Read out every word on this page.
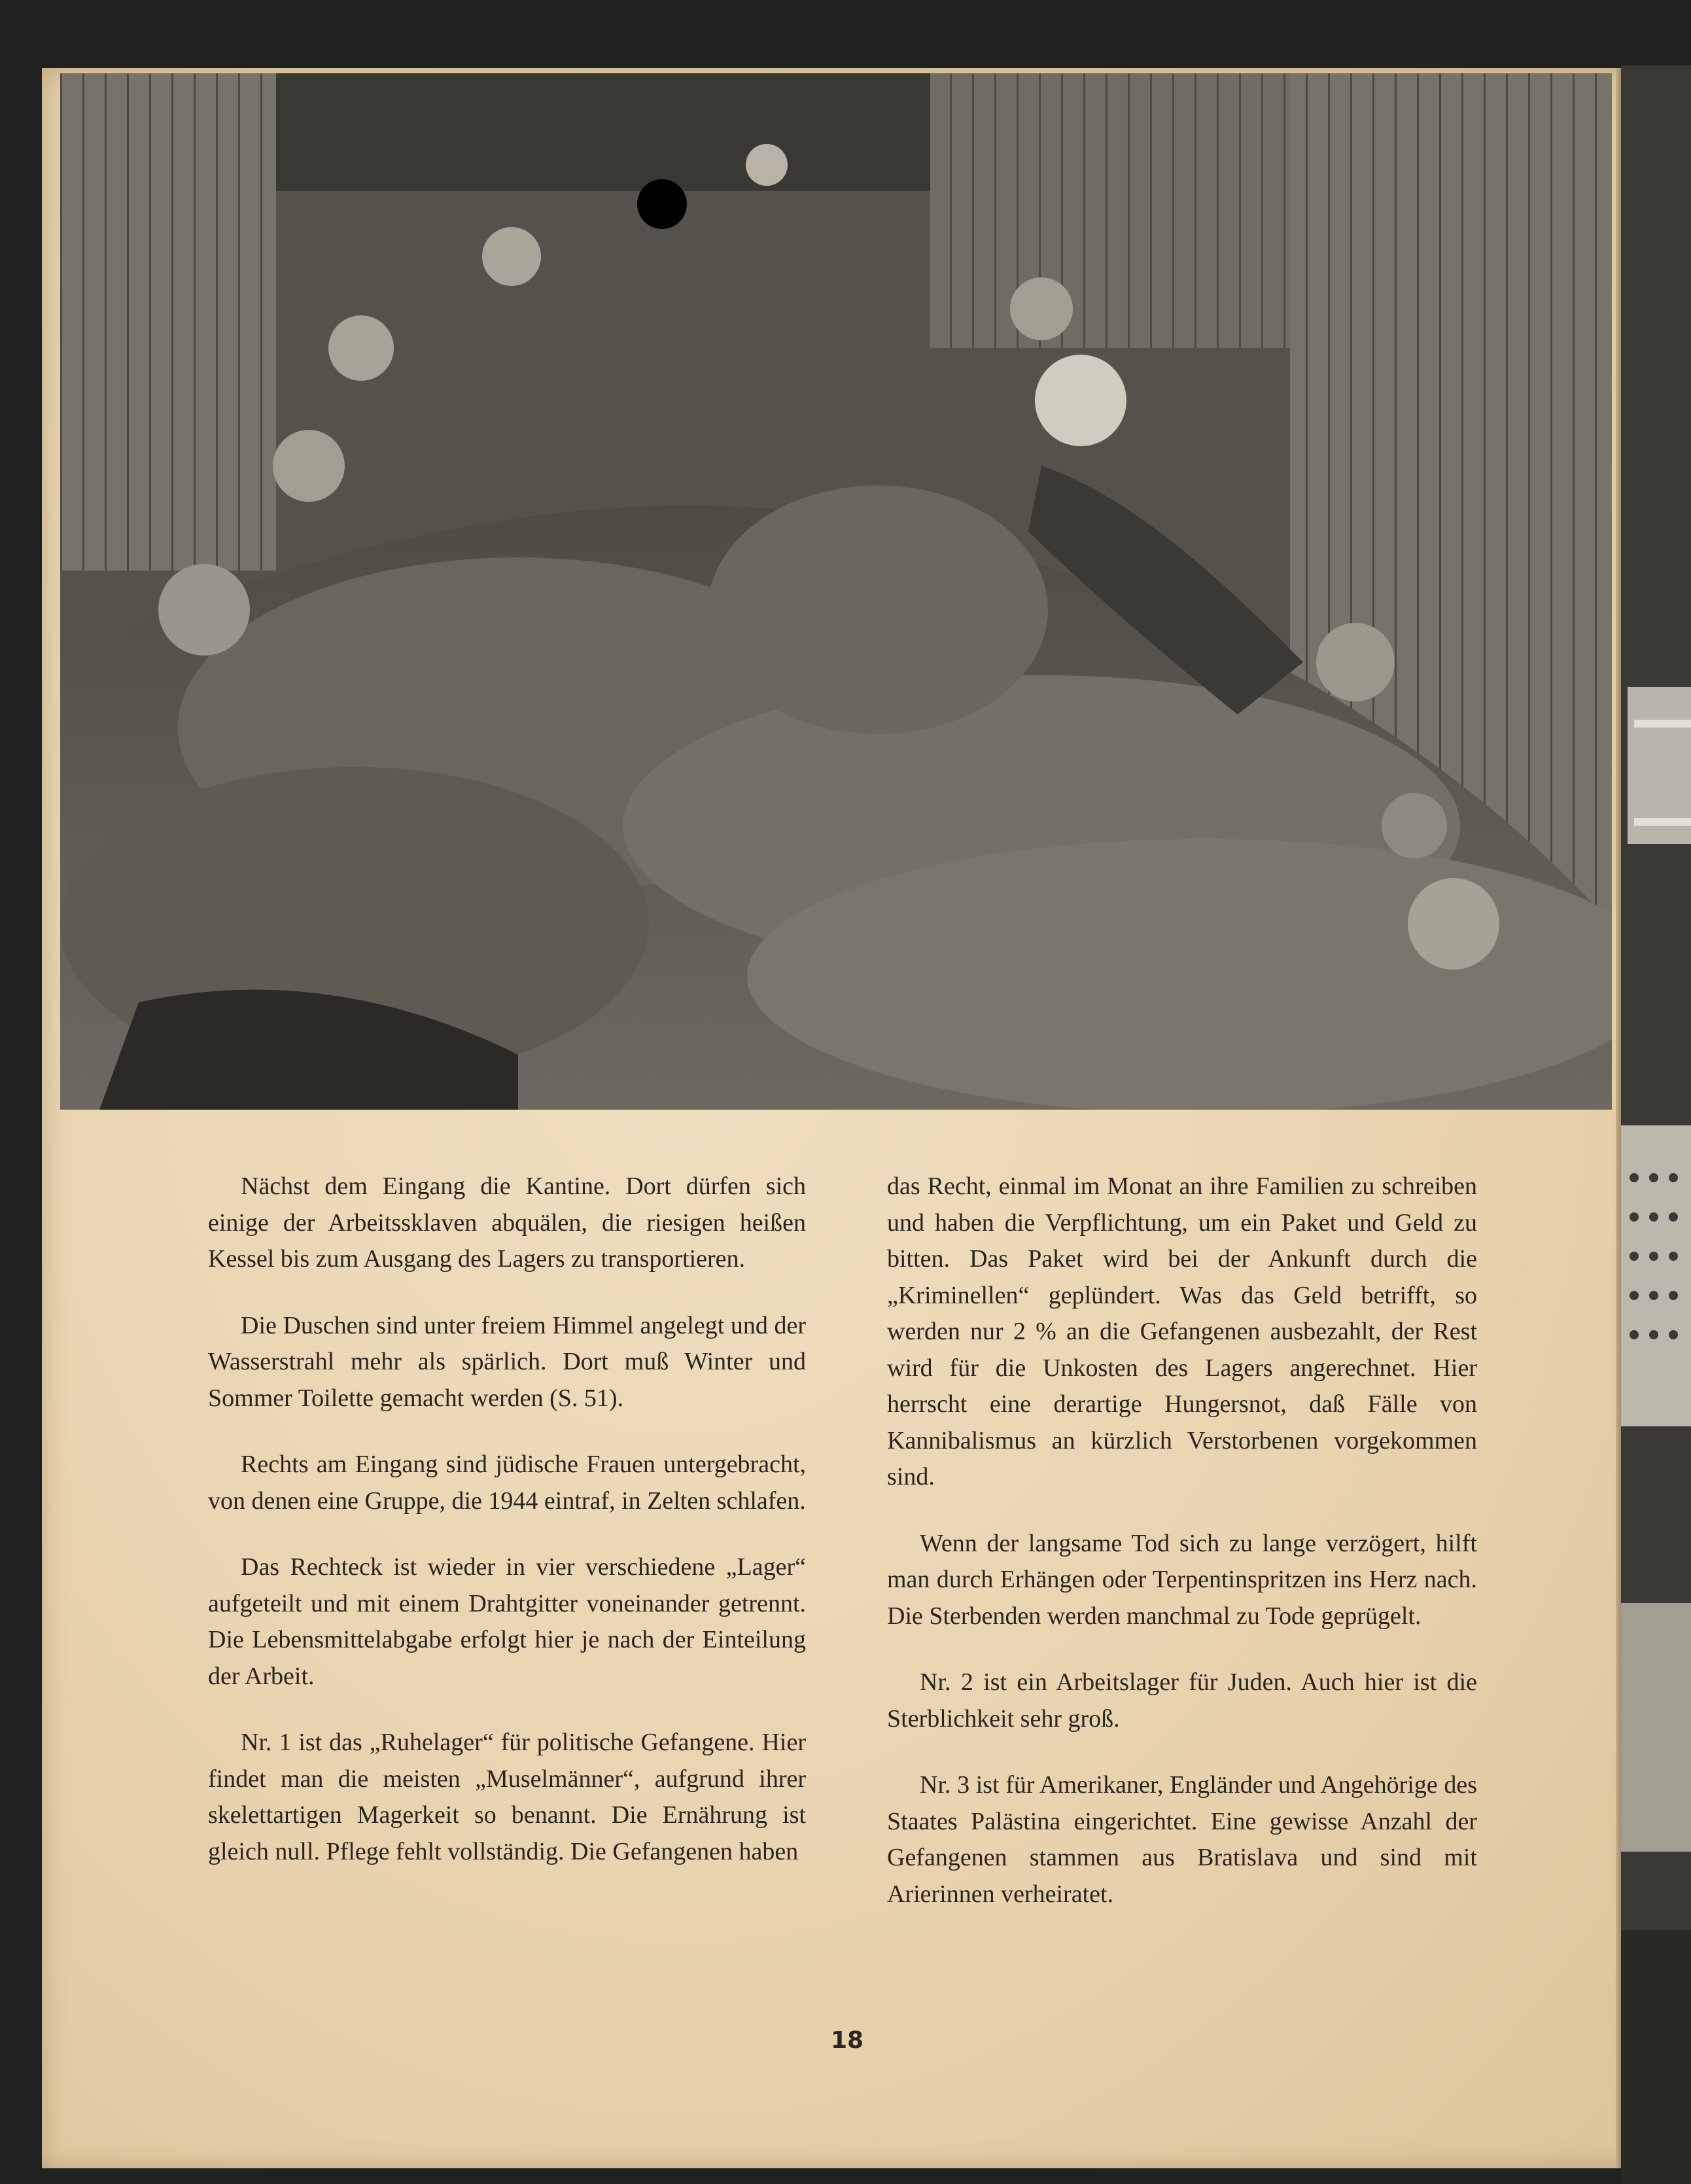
Nächst dem Eingang die Kantine. Dort dürfen sich einige der Arbeitssklaven abquälen, die riesigen heißen Kessel bis zum Ausgang des Lagers zu transportieren.

Die Duschen sind unter freiem Himmel angelegt und der Wasserstrahl mehr als spärlich. Dort muß Winter und Sommer Toilette gemacht werden (S. 51).

Rechts am Eingang sind jüdische Frauen untergebracht, von denen eine Gruppe, die 1944 eintraf, in Zelten schlafen.

Das Rechteck ist wieder in vier verschiedene „Lager“ aufgeteilt und mit einem Drahtgitter voneinander getrennt. Die Lebensmittelabgabe erfolgt hier je nach der Einteilung der Arbeit.

Nr. 1 ist das „Ruhelager“ für politische Gefangene. Hier findet man die meisten „Muselmänner“, aufgrund ihrer skelettartigen Magerkeit so benannt. Die Ernährung ist gleich null. Pflege fehlt vollständig. Die Gefangenen haben

das Recht, einmal im Monat an ihre Familien zu schreiben und haben die Verpflichtung, um ein Paket und Geld zu bitten. Das Paket wird bei der Ankunft durch die „Kriminellen“ geplündert. Was das Geld betrifft, so werden nur 2 % an die Gefangenen ausbezahlt, der Rest wird für die Unkosten des Lagers angerechnet. Hier herrscht eine derartige Hungersnot, daß Fälle von Kannibalismus an kürzlich Verstorbenen vorgekommen sind.

Wenn der langsame Tod sich zu lange verzögert, hilft man durch Erhängen oder Terpentinspritzen ins Herz nach. Die Sterbenden werden manchmal zu Tode geprügelt.

Nr. 2 ist ein Arbeitslager für Juden. Auch hier ist die Sterblichkeit sehr groß.

Nr. 3 ist für Amerikaner, Engländer und Angehörige des Staates Palästina eingerichtet. Eine gewisse Anzahl der Gefangenen stammen aus Bratislava und sind mit Arierinnen verheiratet.

18
